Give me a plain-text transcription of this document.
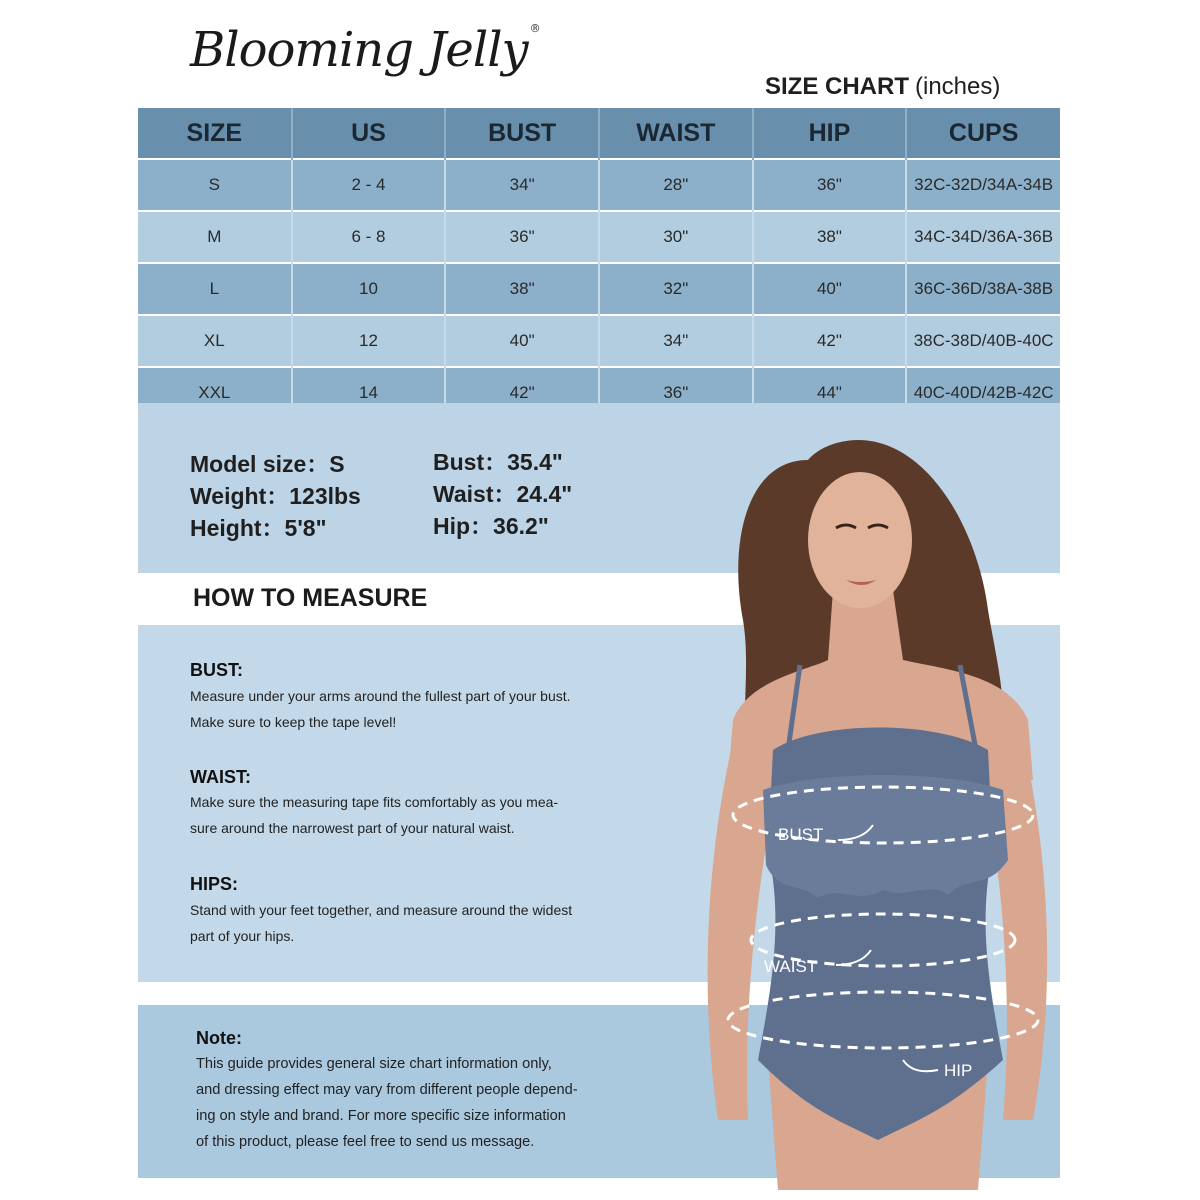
Blooming Jelly ®
SIZE CHART (inches)
SIZE	US	BUST	WAIST	HIP	CUPS
S	2 - 4	34"	28"	36"	32C-32D/34A-34B
M	6 - 8	36"	30"	38"	34C-34D/36A-36B
L	10	38"	32"	40"	36C-36D/38A-38B
XL	12	40"	34"	42"	38C-38D/40B-40C
XXL	14	42"	36"	44"	40C-40D/42B-42C
Model size：S
Weight：123lbs
Height：5'8"
Bust：35.4"
Waist：24.4"
Hip：36.2"
HOW TO MEASURE
BUST:
Measure under your arms around the fullest part of your bust.
Make sure to keep the tape level!
WAIST:
Make sure the measuring tape fits comfortably as you mea-
sure around the narrowest part of your natural waist.
HIPS:
Stand with your feet together, and measure around the widest
part of your hips.
Note:
This guide provides general size chart information only,
and dressing effect may vary from different people depend-
ing on style and brand. For more specific size information
of this product, please feel free to send us message.
BUST
WAIST
HIP
